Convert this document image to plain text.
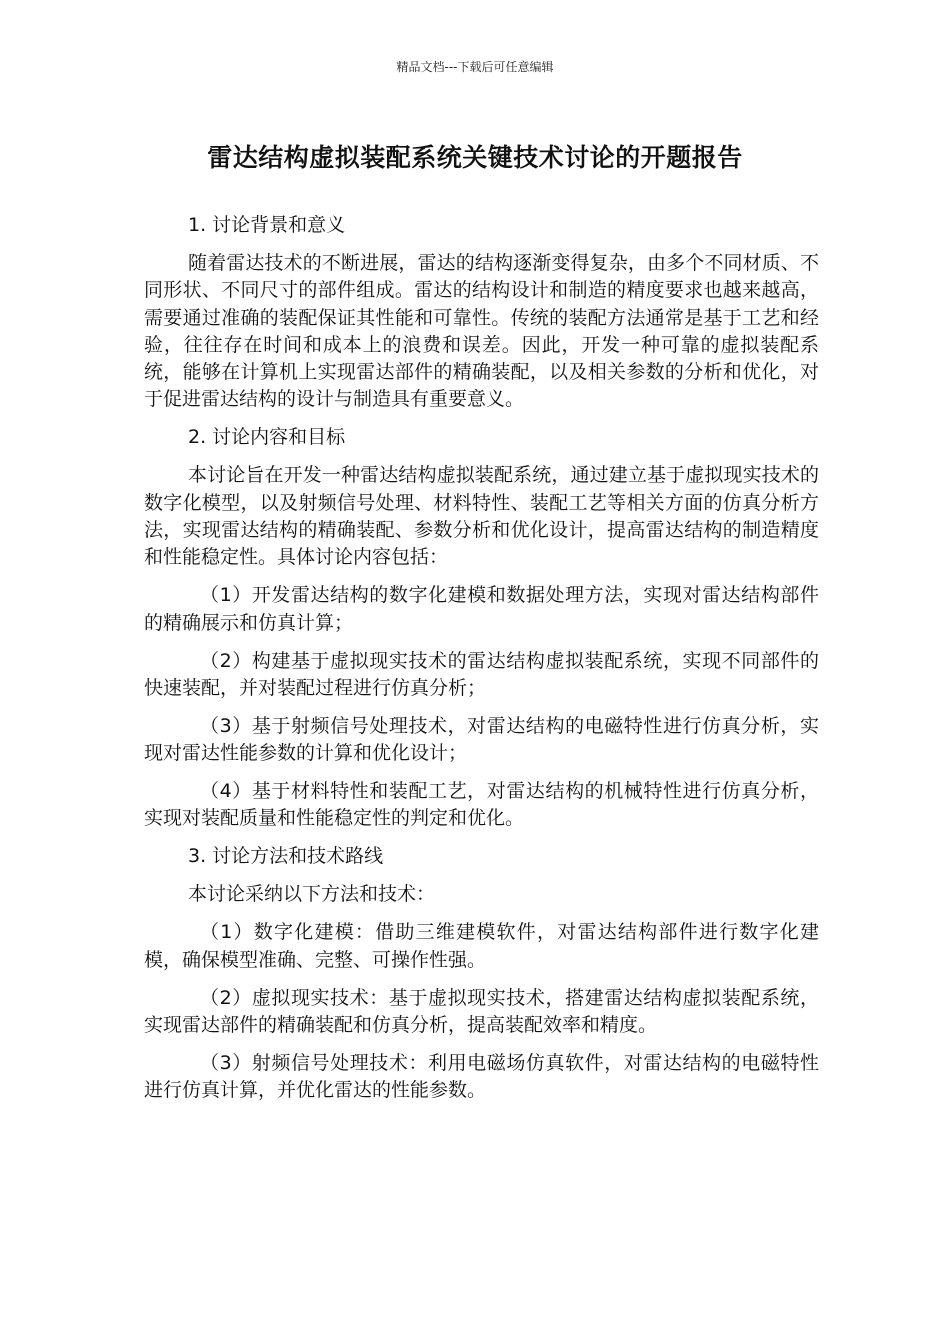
精品文档---下载后可任意编辑
雷达结构虚拟装配系统关键技术讨论的开题报告

1. 讨论背景和意义

随着雷达技术的不断进展，雷达的结构逐渐变得复杂，由多个不同材质、不同形状、不同尺寸的部件组成。雷达的结构设计和制造的精度要求也越来越高，需要通过准确的装配保证其性能和可靠性。传统的装配方法通常是基于工艺和经验，往往存在时间和成本上的浪费和误差。因此，开发一种可靠的虚拟装配系统，能够在计算机上实现雷达部件的精确装配，以及相关参数的分析和优化，对于促进雷达结构的设计与制造具有重要意义。

2. 讨论内容和目标

本讨论旨在开发一种雷达结构虚拟装配系统，通过建立基于虚拟现实技术的数字化模型，以及射频信号处理、材料特性、装配工艺等相关方面的仿真分析方法，实现雷达结构的精确装配、参数分析和优化设计，提高雷达结构的制造精度和性能稳定性。具体讨论内容包括：

（1）开发雷达结构的数字化建模和数据处理方法，实现对雷达结构部件的精确展示和仿真计算；

（2）构建基于虚拟现实技术的雷达结构虚拟装配系统，实现不同部件的快速装配，并对装配过程进行仿真分析；

（3）基于射频信号处理技术，对雷达结构的电磁特性进行仿真分析，实现对雷达性能参数的计算和优化设计；

（4）基于材料特性和装配工艺，对雷达结构的机械特性进行仿真分析，实现对装配质量和性能稳定性的判定和优化。

3. 讨论方法和技术路线

本讨论采纳以下方法和技术：

（1）数字化建模：借助三维建模软件，对雷达结构部件进行数字化建模，确保模型准确、完整、可操作性强。

（2）虚拟现实技术：基于虚拟现实技术，搭建雷达结构虚拟装配系统，实现雷达部件的精确装配和仿真分析，提高装配效率和精度。

（3）射频信号处理技术：利用电磁场仿真软件，对雷达结构的电磁特性进行仿真计算，并优化雷达的性能参数。
